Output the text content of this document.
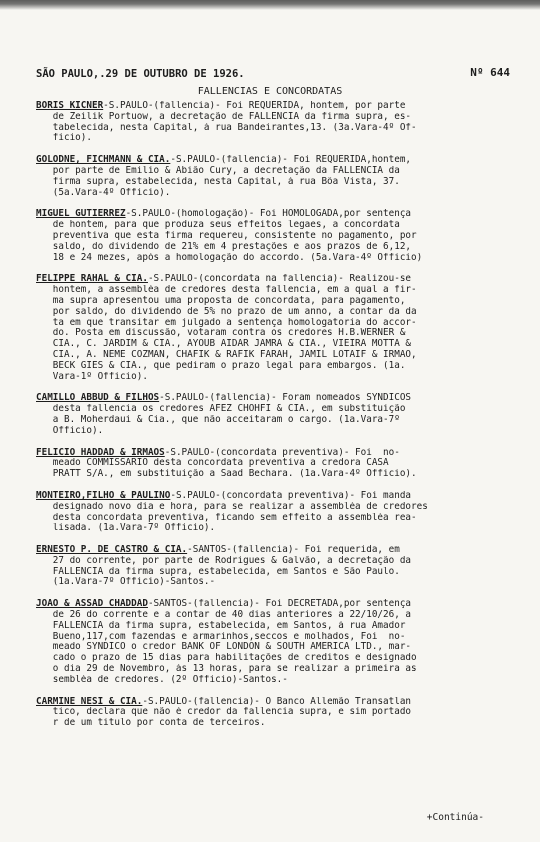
SÃO PAULO,.29 DE OUTUBRO DE 1926.	Nº 644
FALLENCIAS E CONCORDATAS
BORIS KICNER-S.PAULO-(fallencia)- Foi REQUERIDA, hontem, por parte
de Zeilik Portuow, a decretação de FALLENCIA da firma supra, es-
tabelecida, nesta Capital, á rua Bandeirantes,13. (3a.Vara-4º Of-
ficio).
GOLODNE, FICHMANN & CIA.-S.PAULO-(fallencia)- Foi REQUERIDA,hontem,
por parte de Emilio & Abião Cury, a decretação da FALLENCIA da
firma supra, estabelecida, nesta Capital, á rua Bôa Vista, 37.
(5a.Vara-4º Officio).
MIGUEL GUTIERREZ-S.PAULO-(homologação)- Foi HOMOLOGADA,por sentença
de hontem, para que produza seus effeitos legaes, a concordata
preventiva que esta firma requereu, consistente no pagamento, por
saldo, do dividendo de 21% em 4 prestações e aos prazos de 6,12,
18 e 24 mezes, após a homologação do accordo. (5a.Vara-4º Officio)
FELIPPE RAHAL & CIA.-S.PAULO-(concordata na fallencia)- Realizou-se
hontem, a assembléa de credores desta fallencia, em a qual a fir-
ma supra apresentou uma proposta de concordata, para pagamento,
por saldo, do dividendo de 5% no prazo de um anno, a contar da da
ta em que transitar em julgado a sentença homologatoria do accor-
do. Posta em discussão, votaram contra os credores H.B.WERNER &
CIA., C. JARDIM & CIA., AYOUB AIDAR JAMRA & CIA., VIEIRA MOTTA &
CIA., A. NEME COZMAN, CHAFIK & RAFIK FARAH, JAMIL LOTAIF & IRMÃO,
BECK GIES & CIA., que pediram o prazo legal para embargos. (1a.
Vara-1º Officio).
CAMILLO ABBUD & FILHOS-S.PAULO-(fallencia)- Foram nomeados SYNDICOS
desta fallencia os credores AFEZ CHOHFI & CIA., em substituição
a B. Moherdaui & Cia., que não acceitaram o cargo. (1a.Vara-7º
Officio).
FELICIO HADDAD & IRMÃOS-S.PAULO-(concordata preventiva)- Foi  no-
meado COMMISSARIO desta concordata preventiva a credora CASA
PRATT S/A., em substituição a Saad Bechara. (1a.Vara-4º Officio).
MONTEIRO,FILHO & PAULINO-S.PAULO-(concordata preventiva)- Foi manda
designado novo dia e hora, para se realizar a assembléa de credores
desta concordata preventiva, ficando sem effeito a assembléa rea-
lisada. (1a.Vara-7º Officio).
ERNESTO P. DE CASTRO & CIA.-SANTOS-(fallencia)- Foi requerida, em
27 do corrente, por parte de Rodrigues & Galvão, a decretação da
FALLENCIA da firma supra, estabelecida, em Santos e São Paulo.
(1a.Vara-7º Officio)-Santos.-
JOÃO & ASSAD CHADDAD-SANTOS-(fallencia)- Foi DECRETADA,por sentença
de 26 do corrente e a contar de 40 dias anteriores a 22/10/26, a
FALLENCIA da firma supra, estabelecida, em Santos, á rua Amador
Bueno,117,com fazendas e armarinhos,seccos e molhados, Foi  no-
meado SYNDICO o credor BANK OF LONDON & SOUTH AMERICA LTD., mar-
cado o prazo de 15 dias para habilitações de creditos e designado
o dia 29 de Novembro, ás 13 horas, para se realizar a primeira as
sembléa de credores. (2º Officio)-Santos.-
CARMINE NESI & CIA.-S.PAULO-(fallencia)- O Banco Allemão Transatlan
tico, declara que não é credor da fallencia supra, e sim portado
r de um titulo por conta de terceiros.
+Continúa-
